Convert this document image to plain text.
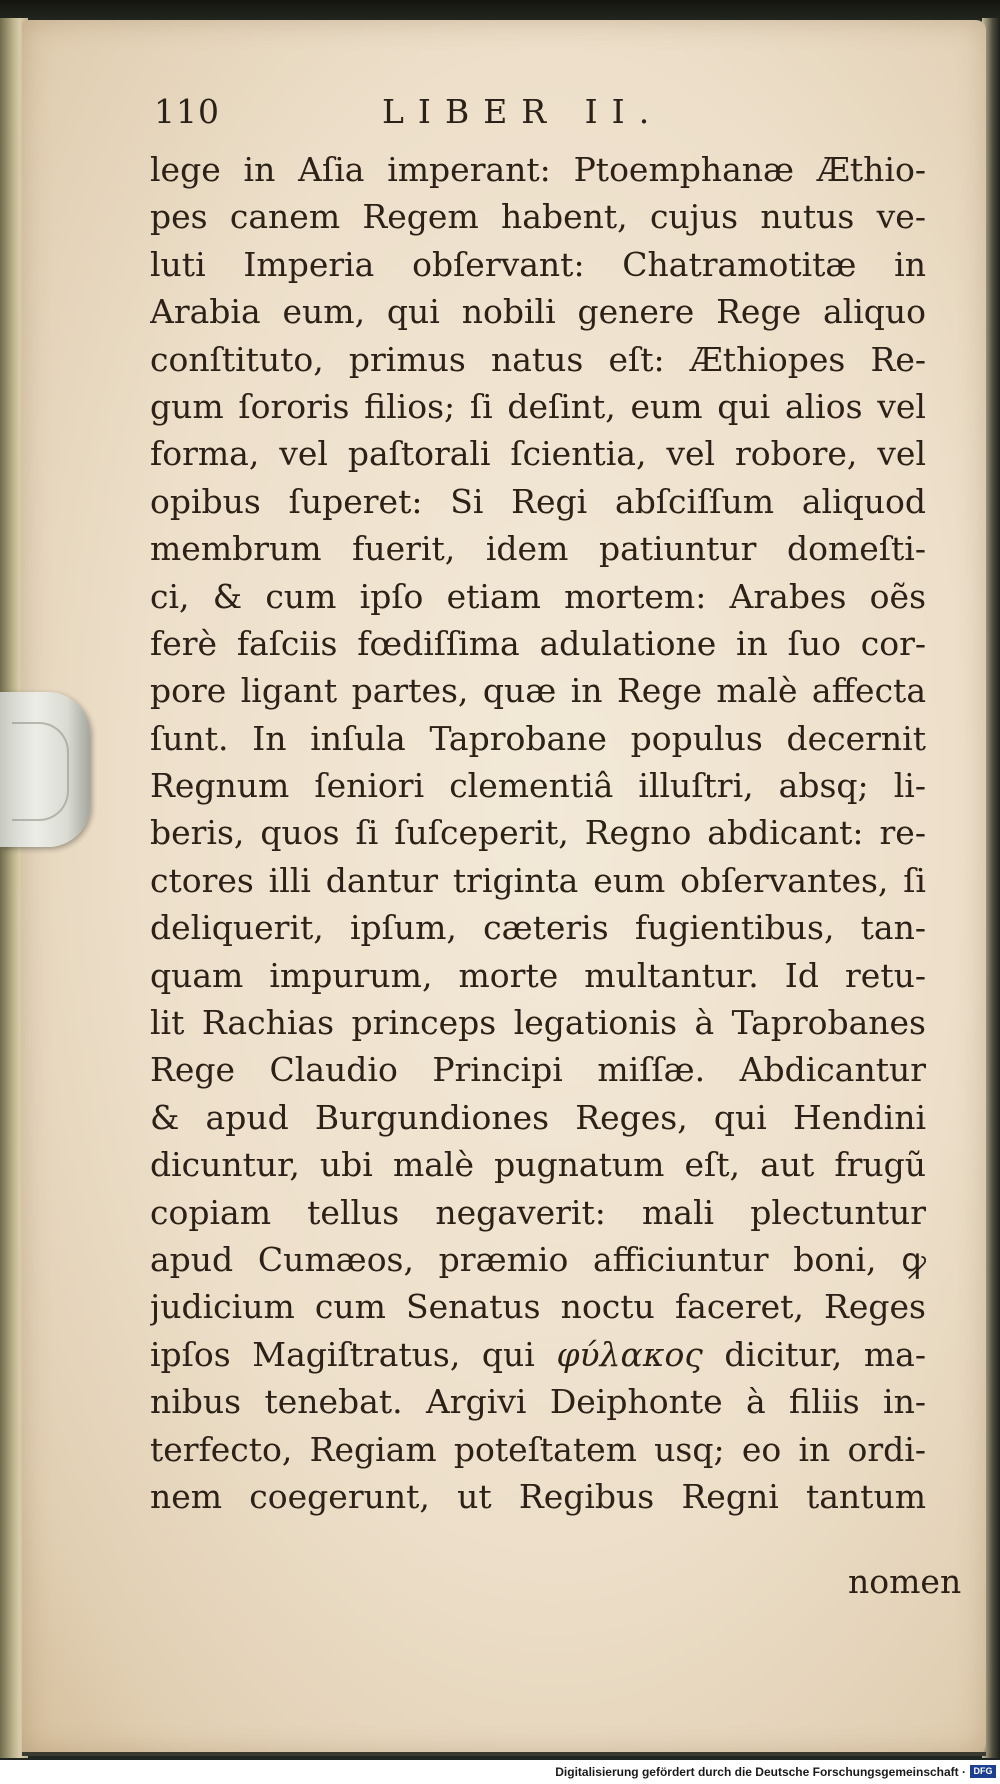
110	LIBER II.
lege in Aſia imperant: Ptoemphanæ Æthio-
pes canem Regem habent, cujus nutus ve-
luti Imperia obſervant: Chatramotitæ in
Arabia eum, qui nobili genere Rege aliquo
conſtituto, primus natus eſt: Æthiopes Re-
gum ſororis filios; ſi deſint, eum qui alios vel
forma, vel paſtorali ſcientia, vel robore, vel
opibus ſuperet: Si Regi abſciſſum aliquod
membrum fuerit, idem patiuntur domeſti-
ci, & cum ipſo etiam mortem: Arabes oẽs
ferè faſciis fœdiſſima adulatione in ſuo cor-
pore ligant partes, quæ in Rege malè affecta
ſunt. In inſula Taprobane populus decernit
Regnum ſeniori clementiâ illuſtri, absq; li-
beris, quos ſi ſuſceperit, Regno abdicant: re-
ctores illi dantur triginta eum obſervantes, ſi
deliquerit, ipſum, cæteris fugientibus, tan-
quam impurum, morte multantur. Id retu-
lit Rachias princeps legationis à Taprobanes
Rege Claudio Principi miſſæ. Abdicantur
& apud Burgundiones Reges, qui Hendini
dicuntur, ubi malè pugnatum eſt, aut frugũ
copiam tellus negaverit: mali plectuntur
apud Cumæos, præmio afficiuntur boni, ꝙ
judicium cum Senatus noctu faceret, Reges
ipſos Magiſtratus, qui φύλακος dicitur, ma-
nibus tenebat. Argivi Deiphonte à filiis in-
terfecto, Regiam poteſtatem usq; eo in ordi-
nem coegerunt, ut Regibus Regni tantum
nomen
Digitalisierung gefördert durch die Deutsche Forschungsgemeinschaft · DFG
